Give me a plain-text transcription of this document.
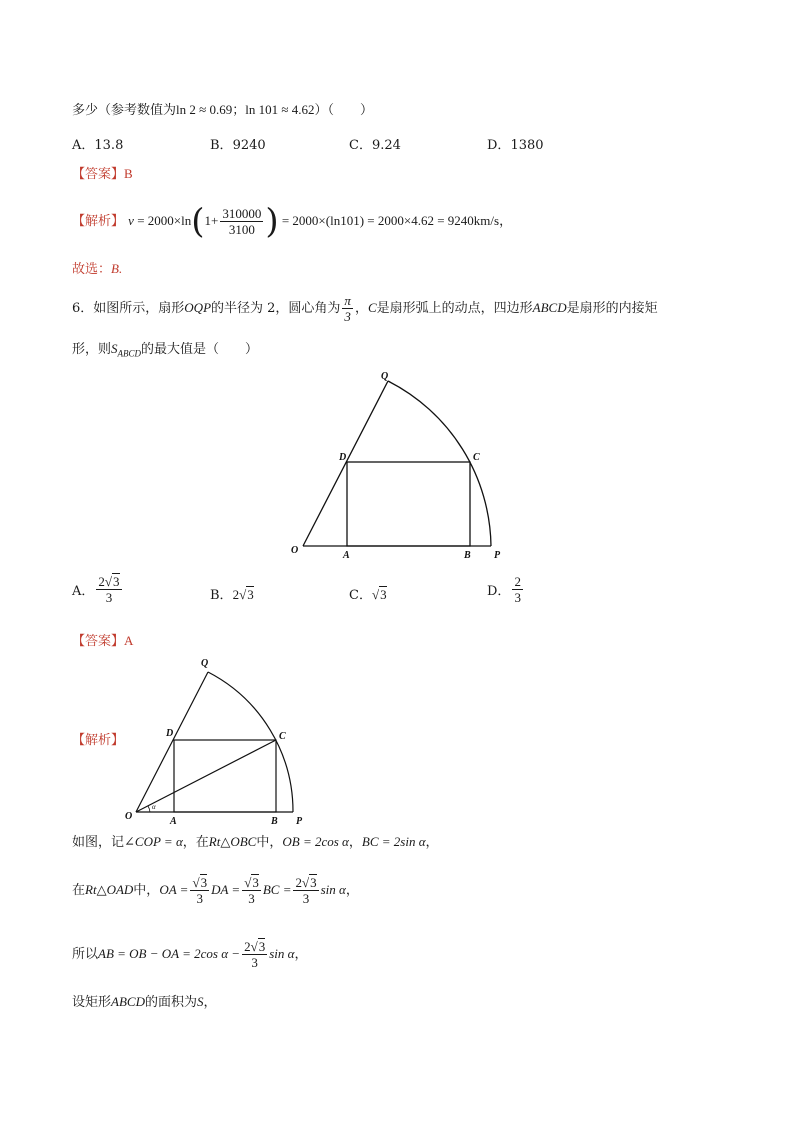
多少（参考数值为ln 2 ≈ 0.69；ln 101 ≈ 4.62）（　　）
A．13.8	B．9240	C．9.24	D．1380
【答案】B
【解析】 $v = 2000\times\ln(1+ \frac{310000}{3100}$ ) = 2000×(ln101) = 2000×4.62 = 9240km/s，
故选：B.
6．如图所示，扇形OQP的半径为 2，圆心角为 $\frac{\pi}{3}$ ，C是扇形弧上的动点，四边形ABCD是扇形的内接矩
形，则$S_{ABCD}$的最大值是（　　）
O	A	B P
D	C
Q
A． $\frac{2√3}{3}$	B．2√3	C．√3	D． $\frac{2}{3}$
【答案】A
【解析】
O	A	B P
D	C
Q
α
如图，记∠COP = α，在Rt△OBC中，OB = 2cos α，BC = 2sin α，
在Rt△OAD中，OA = $\frac{√3}{3}$ DA = $\frac{√3}{3}$ BC = $\frac{2√3}{3}$ sin α，
所以AB = OB − OA = 2cos $\alpha - \frac{2√3}{3}$ sin α，
设矩形ABCD的面积为S，
